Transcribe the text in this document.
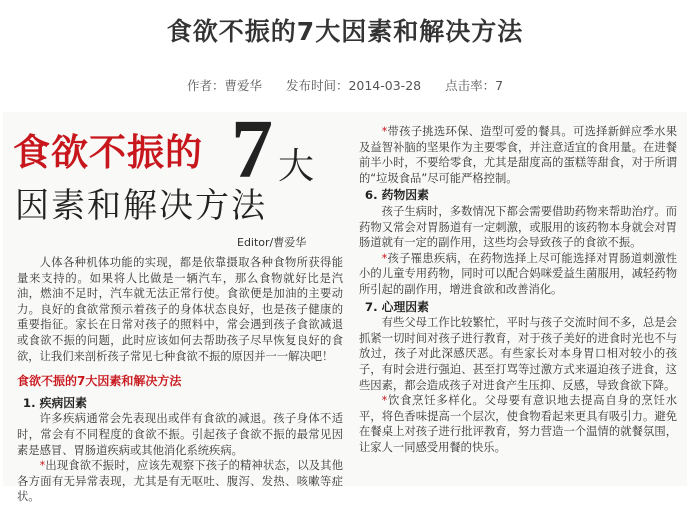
食欲不振的7大因素和解决方法
作者：曹爱华 发布时间：2014-03-28 点击率：7
食欲不振的 7 大
因素和解决方法
Editor/曹爱华

人体各种机体功能的实现，都是依靠摄取各种食物所获得能量来支持的。如果将人比做是一辆汽车，那么食物就好比是汽油，燃油不足时，汽车就无法正常行使。食欲便是加油的主要动力。良好的食欲常预示着孩子的身体状态良好，也是孩子健康的重要指征。家长在日常对孩子的照料中，常会遇到孩子食欲减退或食欲不振的问题，此时应该如何去帮助孩子尽早恢复良好的食欲，让我们来剖析孩子常见七种食欲不振的原因并一一解决吧！

食欲不振的7大因素和解决方法
1. 疾病因素

许多疾病通常会先表现出或伴有食欲的减退。孩子身体不适时，常会有不同程度的食欲不振。引起孩子食欲不振的最常见因素是感冒、胃肠道疾病或其他消化系统疾病。

*出现食欲不振时，应该先观察下孩子的精神状态，以及其他各方面有无异常表现，尤其是有无呕吐、腹泻、发热、咳嗽等症状。

*带孩子挑选环保、造型可爱的餐具。可选择新鲜应季水果及益智补脑的坚果作为主要零食，并注意适宜的食用量。在进餐前半小时，不要给零食，尤其是甜度高的蛋糕等甜食，对于所谓的“垃圾食品”尽可能严格控制。

6. 药物因素

孩子生病时，多数情况下都会需要借助药物来帮助治疗。而药物又常会对胃肠道有一定刺激，或服用的该药物本身就会对胃肠道就有一定的副作用，这些均会导致孩子的食欲不振。

*孩子罹患疾病，在药物选择上尽可能选择对胃肠道刺激性小的儿童专用药物，同时可以配合妈咪爱益生菌服用，减轻药物所引起的副作用，增进食欲和改善消化。

7. 心理因素

有些父母工作比较繁忙，平时与孩子交流时间不多，总是会抓紧一切时间对孩子进行教育，对于孩子美好的进食时光也不与放过，孩子对此深感厌恶。有些家长对本身胃口相对较小的孩子，有时会进行强迫、甚至打骂等过激方式来逼迫孩子进食，这些因素，都会造成孩子对进食产生压抑、反感，导致食欲下降。

*饮食烹饪多样化。父母要有意识地去提高自身的烹饪水平，将色香味提高一个层次，使食物看起来更具有吸引力。避免在餐桌上对孩子进行批评教育，努力营造一个温情的就餐氛围，让家人一同感受用餐的快乐。
